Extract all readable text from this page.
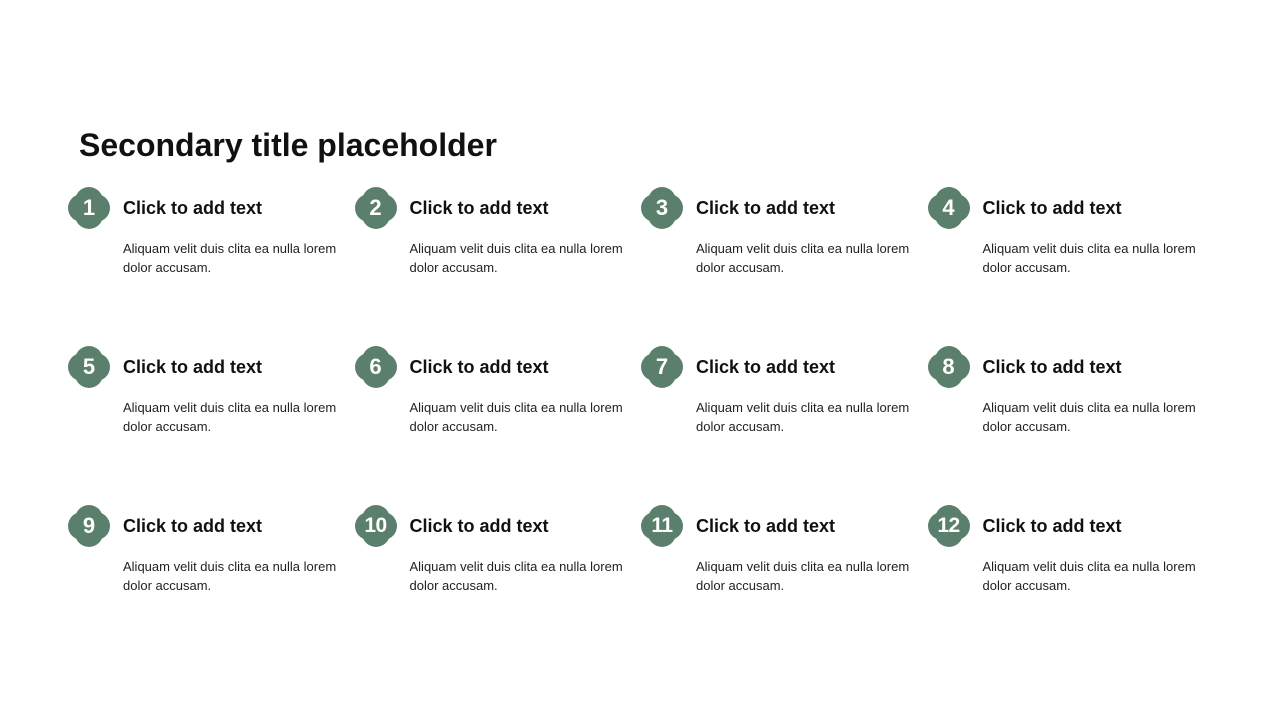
Secondary title placeholder
1	Click to add text
Aliquam velit duis clita ea nulla lorem dolor accusam.
2	Click to add text
Aliquam velit duis clita ea nulla lorem dolor accusam.
3	Click to add text
Aliquam velit duis clita ea nulla lorem dolor accusam.
4	Click to add text
Aliquam velit duis clita ea nulla lorem dolor accusam.
5	Click to add text
Aliquam velit duis clita ea nulla lorem dolor accusam.
6	Click to add text
Aliquam velit duis clita ea nulla lorem dolor accusam.
7	Click to add text
Aliquam velit duis clita ea nulla lorem dolor accusam.
8	Click to add text
Aliquam velit duis clita ea nulla lorem dolor accusam.
9	Click to add text
Aliquam velit duis clita ea nulla lorem dolor accusam.
10	Click to add text
Aliquam velit duis clita ea nulla lorem dolor accusam.
11	Click to add text
Aliquam velit duis clita ea nulla lorem dolor accusam.
12	Click to add text
Aliquam velit duis clita ea nulla lorem dolor accusam.
